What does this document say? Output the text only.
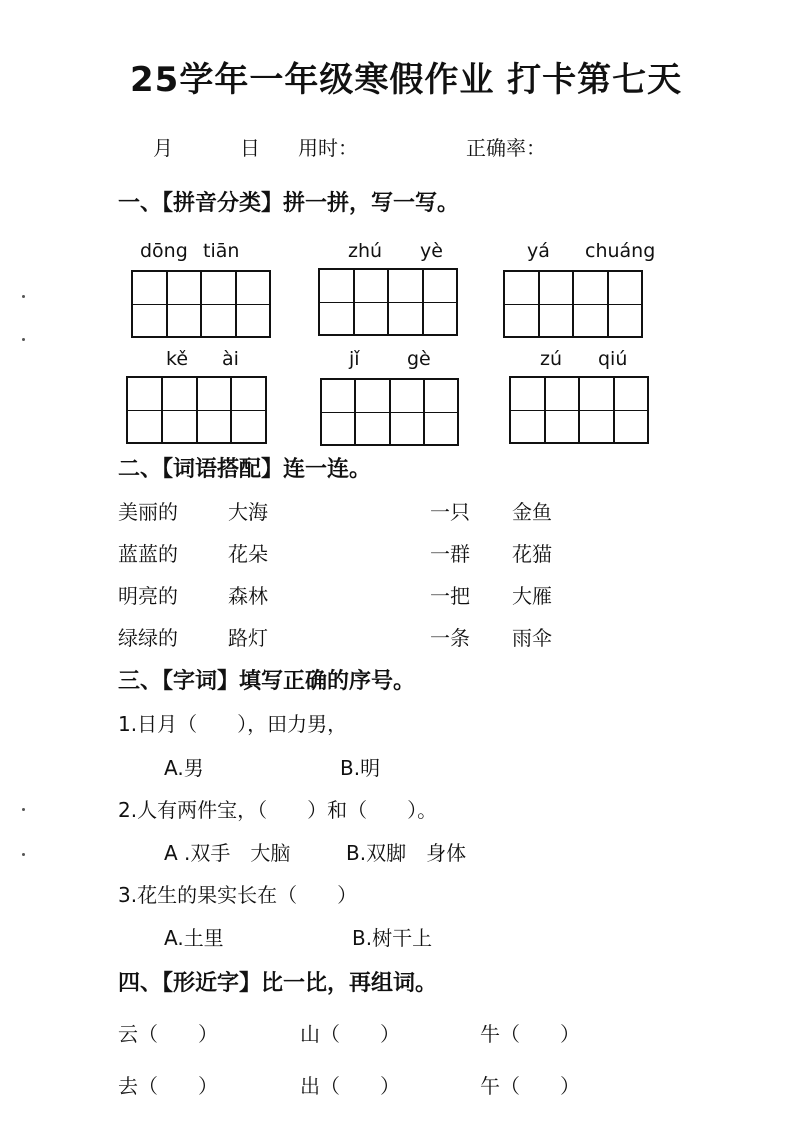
25学年一年级寒假作业 打卡第七天
月	日 用时：	正确率：
一、【拼音分类】拼一拼，写一写。
dōng tiān	zhú yè	yá chuáng
kě ài	jǐ gè	zú qiú
二、【词语搭配】连一连。
美丽的	大海	一只 金鱼
蓝蓝的	花朵	一群 花猫
明亮的	森林	一把 大雁
绿绿的	路灯	一条 雨伞
三、【字词】填写正确的序号。
1.日月（　　），田力男，
A.男	B.明
2.人有两件宝，（　　）和（　　）。
A .双手　大脑	B.双脚　身体
3.花生的果实长在（　　）
A.土里	B.树干上
四、【形近字】比一比，再组词。
云（　　）	山（　　）	牛（　　）
去（　　）	出（　　）	午（　　）
